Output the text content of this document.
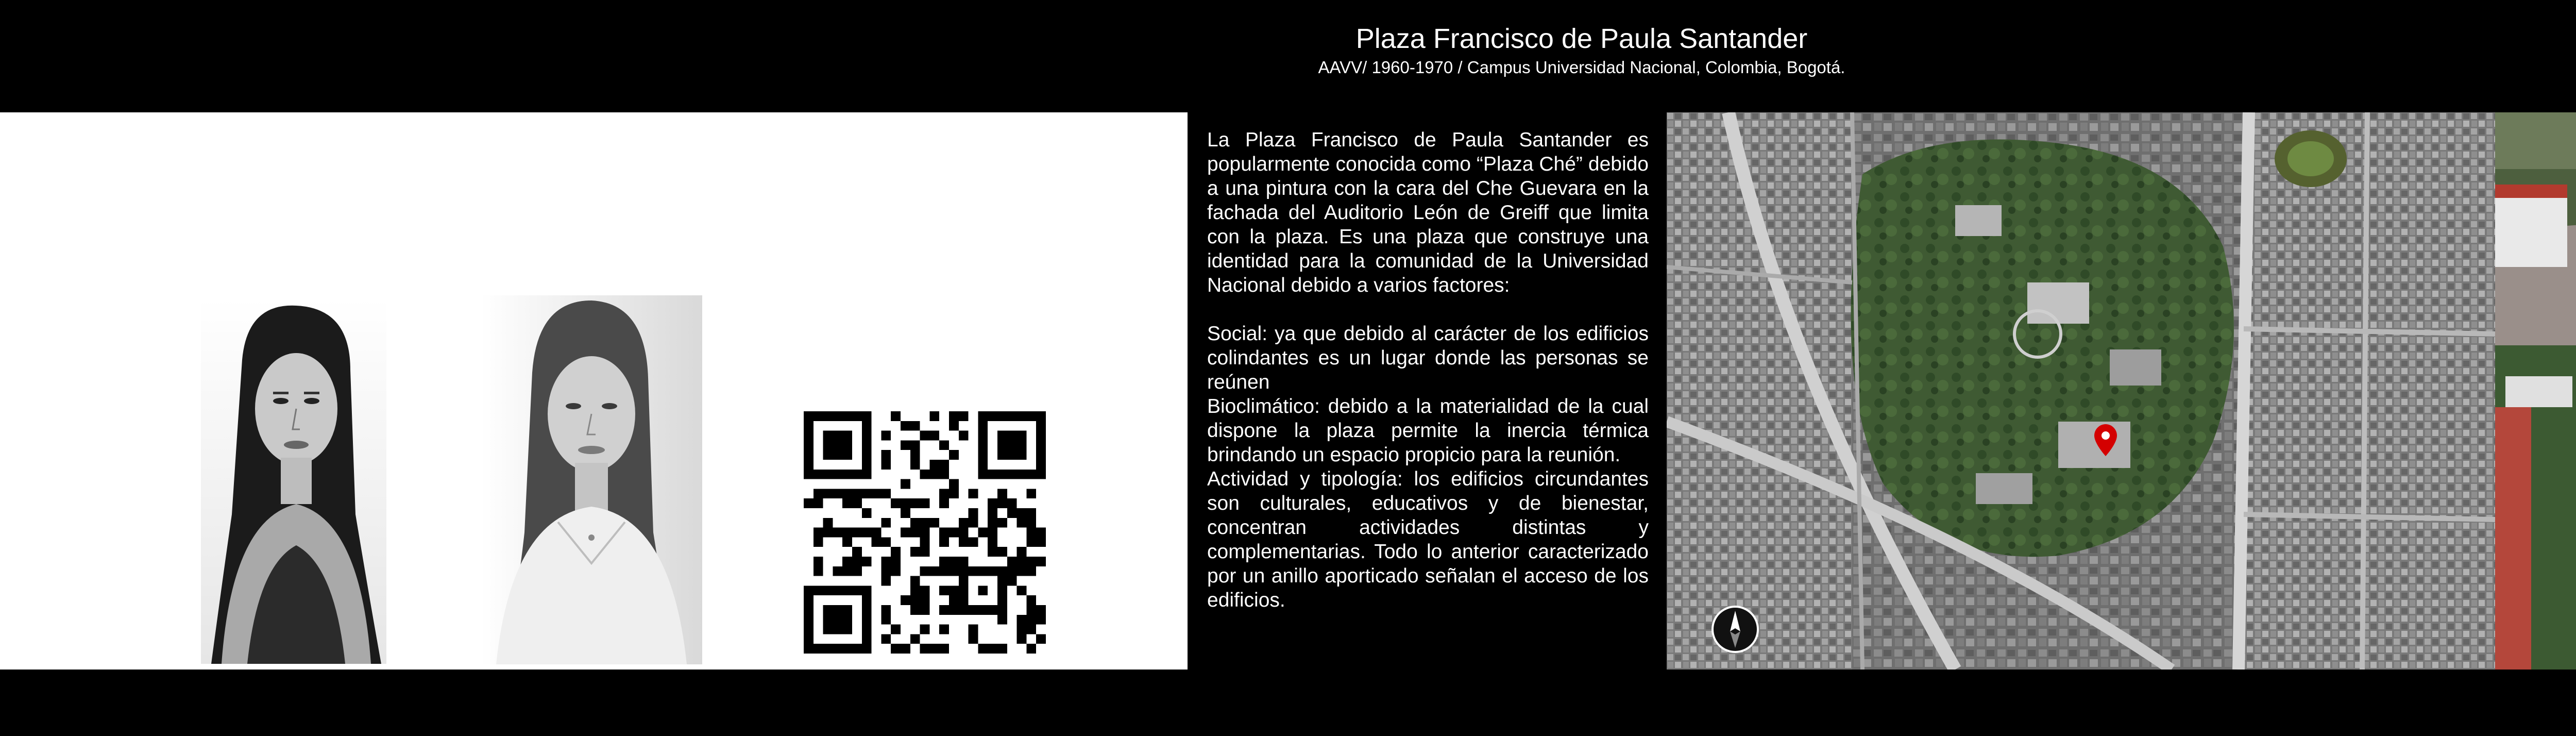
Plaza Francisco de Paula Santander
AAVV/ 1960-1970 / Campus Universidad Nacional, Colombia, Bogotá.
GISELLE CATALINA
DÍAZ ÁVILA
KAROL YULIETH
LAMPREA RUEDA

La Plaza Francisco de Paula Santander es popularmente conocida como “Plaza Ché” debido a una pintura con la cara del Che Guevara en la fachada del Auditorio León de Greiff que limita con la plaza. Es una plaza que construye una identidad para la comunidad de la Universidad Nacional debido a varios factores:

Social: ya que debido al carácter de los edificios colindantes es un lugar donde las personas se reúnen

Bioclimático: debido a la materialidad de la cual dispone la plaza permite la inercia térmica brindando un espacio propicio para la reunión.

Actividad y tipología: los edificios circundantes son culturales, educativos y de bienestar, concentran actividades distintas y complementarias. Todo lo anterior caracterizado por un anillo aporticado señalan el acceso de los edificios.
